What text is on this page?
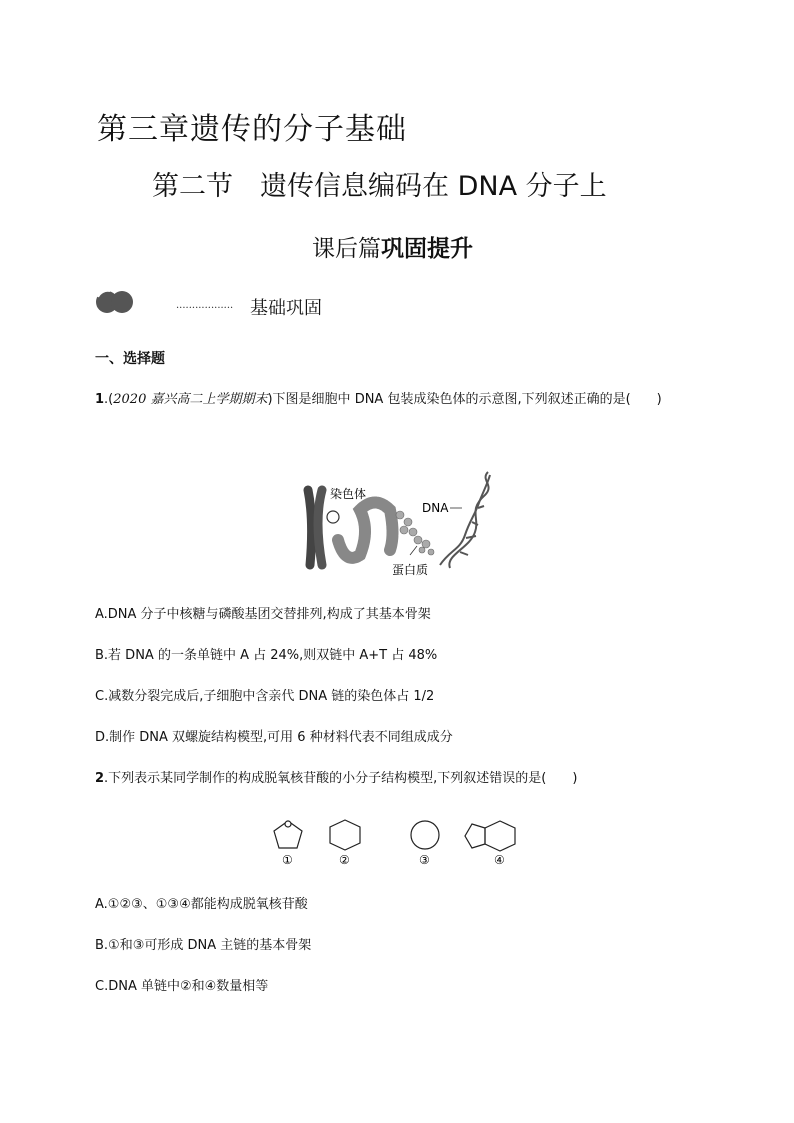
第三章遗传的分子基础
第二节　遗传信息编码在 DNA 分子上
课后篇巩固提升
·················· 基础巩固
一、选择题
1.(2020 嘉兴高二上学期期末)下图是细胞中 DNA 包装成染色体的示意图,下列叙述正确的是(　　)
染色体
DNA
蛋白质
A.DNA 分子中核糖与磷酸基团交替排列,构成了其基本骨架
B.若 DNA 的一条单链中 A 占 24%,则双链中 A+T 占 48%
C.减数分裂完成后,子细胞中含亲代 DNA 链的染色体占 1/2
D.制作 DNA 双螺旋结构模型,可用 6 种材料代表不同组成成分
2.下列表示某同学制作的构成脱氧核苷酸的小分子结构模型,下列叙述错误的是(　　)
①	②	③	④
A.①②③、①③④都能构成脱氧核苷酸
B.①和③可形成 DNA 主链的基本骨架
C.DNA 单链中②和④数量相等
